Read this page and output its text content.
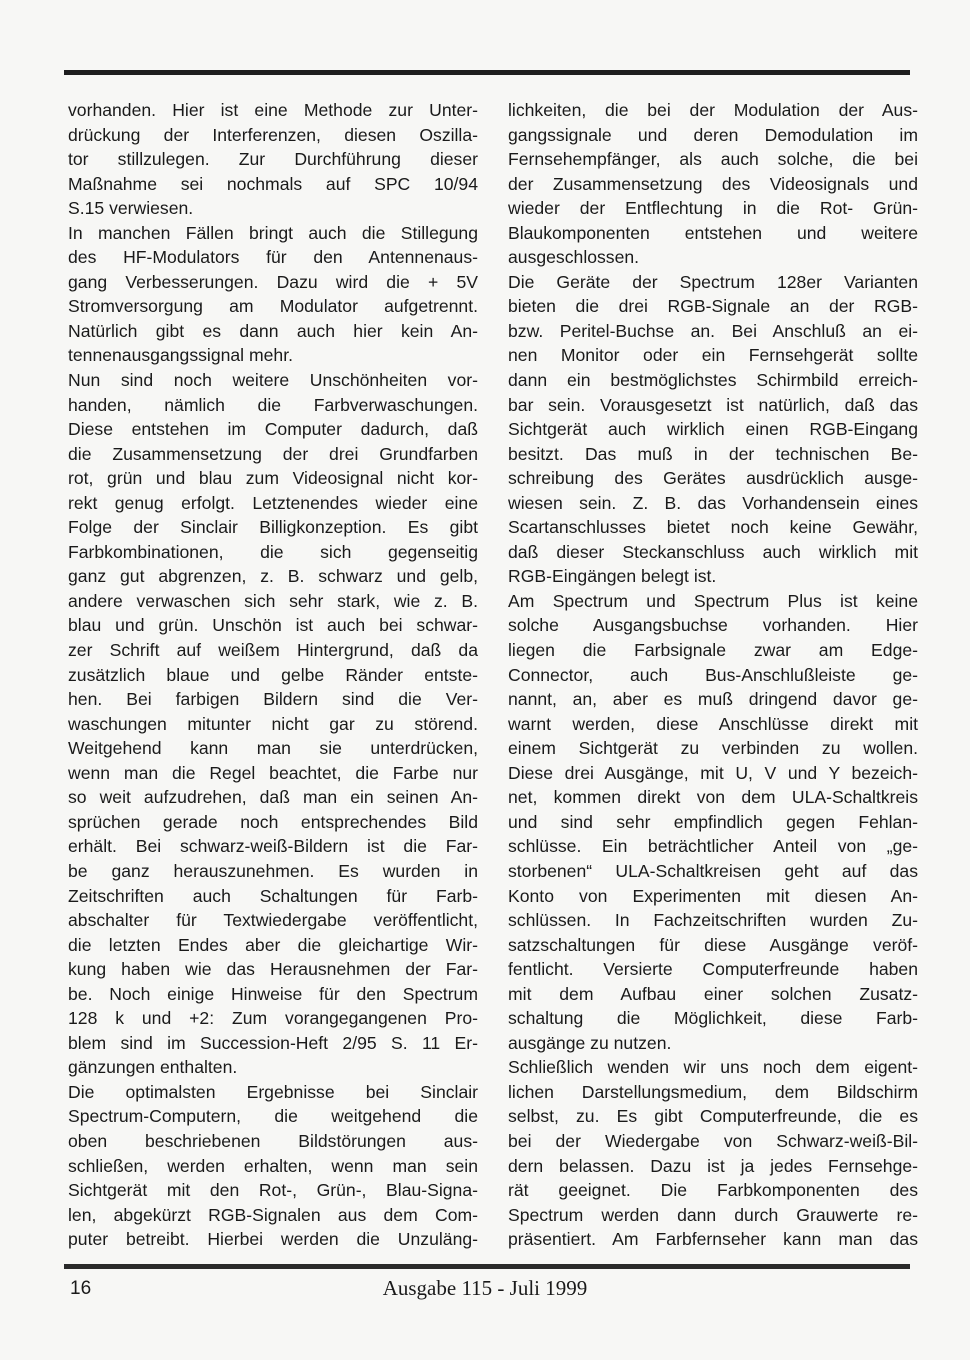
vorhanden. Hier ist eine Methode zur Unter-
drückung der Interferenzen, diesen Oszilla-
tor stillzulegen. Zur Durchführung dieser
Maßnahme sei nochmals auf SPC 10/94
S.15 verwiesen.
In manchen Fällen bringt auch die Stillegung
des HF-Modulators für den Antennenaus-
gang Verbesserungen. Dazu wird die + 5V
Stromversorgung am Modulator aufgetrennt.
Natürlich gibt es dann auch hier kein An-
tennenausgangssignal mehr.
Nun sind noch weitere Unschönheiten vor-
handen, nämlich die Farbverwaschungen.
Diese entstehen im Computer dadurch, daß
die Zusammensetzung der drei Grundfarben
rot, grün und blau zum Videosignal nicht kor-
rekt genug erfolgt. Letztenendes wieder eine
Folge der Sinclair Billigkonzeption. Es gibt
Farbkombinationen, die sich gegenseitig
ganz gut abgrenzen, z. B. schwarz und gelb,
andere verwaschen sich sehr stark, wie z. B.
blau und grün. Unschön ist auch bei schwar-
zer Schrift auf weißem Hintergrund, daß da
zusätzlich blaue und gelbe Ränder entste-
hen. Bei farbigen Bildern sind die Ver-
waschungen mitunter nicht gar zu störend.
Weitgehend kann man sie unterdrücken,
wenn man die Regel beachtet, die Farbe nur
so weit aufzudrehen, daß man ein seinen An-
sprüchen gerade noch entsprechendes Bild
erhält. Bei schwarz-weiß-Bildern ist die Far-
be ganz herauszunehmen. Es wurden in
Zeitschriften auch Schaltungen für Farb-
abschalter für Textwiedergabe veröffentlicht,
die letzten Endes aber die gleichartige Wir-
kung haben wie das Herausnehmen der Far-
be. Noch einige Hinweise für den Spectrum
128 k und +2: Zum vorangegangenen Pro-
blem sind im Succession-Heft 2/95 S. 11 Er-
gänzungen enthalten.
Die optimalsten Ergebnisse bei Sinclair
Spectrum-Computern, die weitgehend die
oben beschriebenen Bildstörungen aus-
schließen, werden erhalten, wenn man sein
Sichtgerät mit den Rot-, Grün-, Blau-Signa-
len, abgekürzt RGB-Signalen aus dem Com-
puter betreibt. Hierbei werden die Unzuläng-
lichkeiten, die bei der Modulation der Aus-
gangssignale und deren Demodulation im
Fernsehempfänger, als auch solche, die bei
der Zusammensetzung des Videosignals und
wieder der Entflechtung in die Rot- Grün-
Blaukomponenten entstehen und weitere
ausgeschlossen.
Die Geräte der Spectrum 128er Varianten
bieten die drei RGB-Signale an der RGB-
bzw. Peritel-Buchse an. Bei Anschluß an ei-
nen Monitor oder ein Fernsehgerät sollte
dann ein bestmöglichstes Schirmbild erreich-
bar sein. Vorausgesetzt ist natürlich, daß das
Sichtgerät auch wirklich einen RGB-Eingang
besitzt. Das muß in der technischen Be-
schreibung des Gerätes ausdrücklich ausge-
wiesen sein. Z. B. das Vorhandensein eines
Scartanschlusses bietet noch keine Gewähr,
daß dieser Steckanschluss auch wirklich mit
RGB-Eingängen belegt ist.
Am Spectrum und Spectrum Plus ist keine
solche Ausgangsbuchse vorhanden. Hier
liegen die Farbsignale zwar am Edge-
Connector, auch Bus-Anschlußleiste ge-
nannt, an, aber es muß dringend davor ge-
warnt werden, diese Anschlüsse direkt mit
einem Sichtgerät zu verbinden zu wollen.
Diese drei Ausgänge, mit U, V und Y bezeich-
net, kommen direkt von dem ULA-Schaltkreis
und sind sehr empfindlich gegen Fehlan-
schlüsse. Ein beträchtlicher Anteil von „ge-
storbenen“ ULA-Schaltkreisen geht auf das
Konto von Experimenten mit diesen An-
schlüssen. In Fachzeitschriften wurden Zu-
satzschaltungen für diese Ausgänge veröf-
fentlicht. Versierte Computerfreunde haben
mit dem Aufbau einer solchen Zusatz-
schaltung die Möglichkeit, diese Farb-
ausgänge zu nutzen.
Schließlich wenden wir uns noch dem eigent-
lichen Darstellungsmedium, dem Bildschirm
selbst, zu. Es gibt Computerfreunde, die es
bei der Wiedergabe von Schwarz-weiß-Bil-
dern belassen. Dazu ist ja jedes Fernsehge-
rät geeignet. Die Farbkomponenten des
Spectrum werden dann durch Grauwerte re-
präsentiert. Am Farbfernseher kann man das
16	Ausgabe 115 - Juli 1999
